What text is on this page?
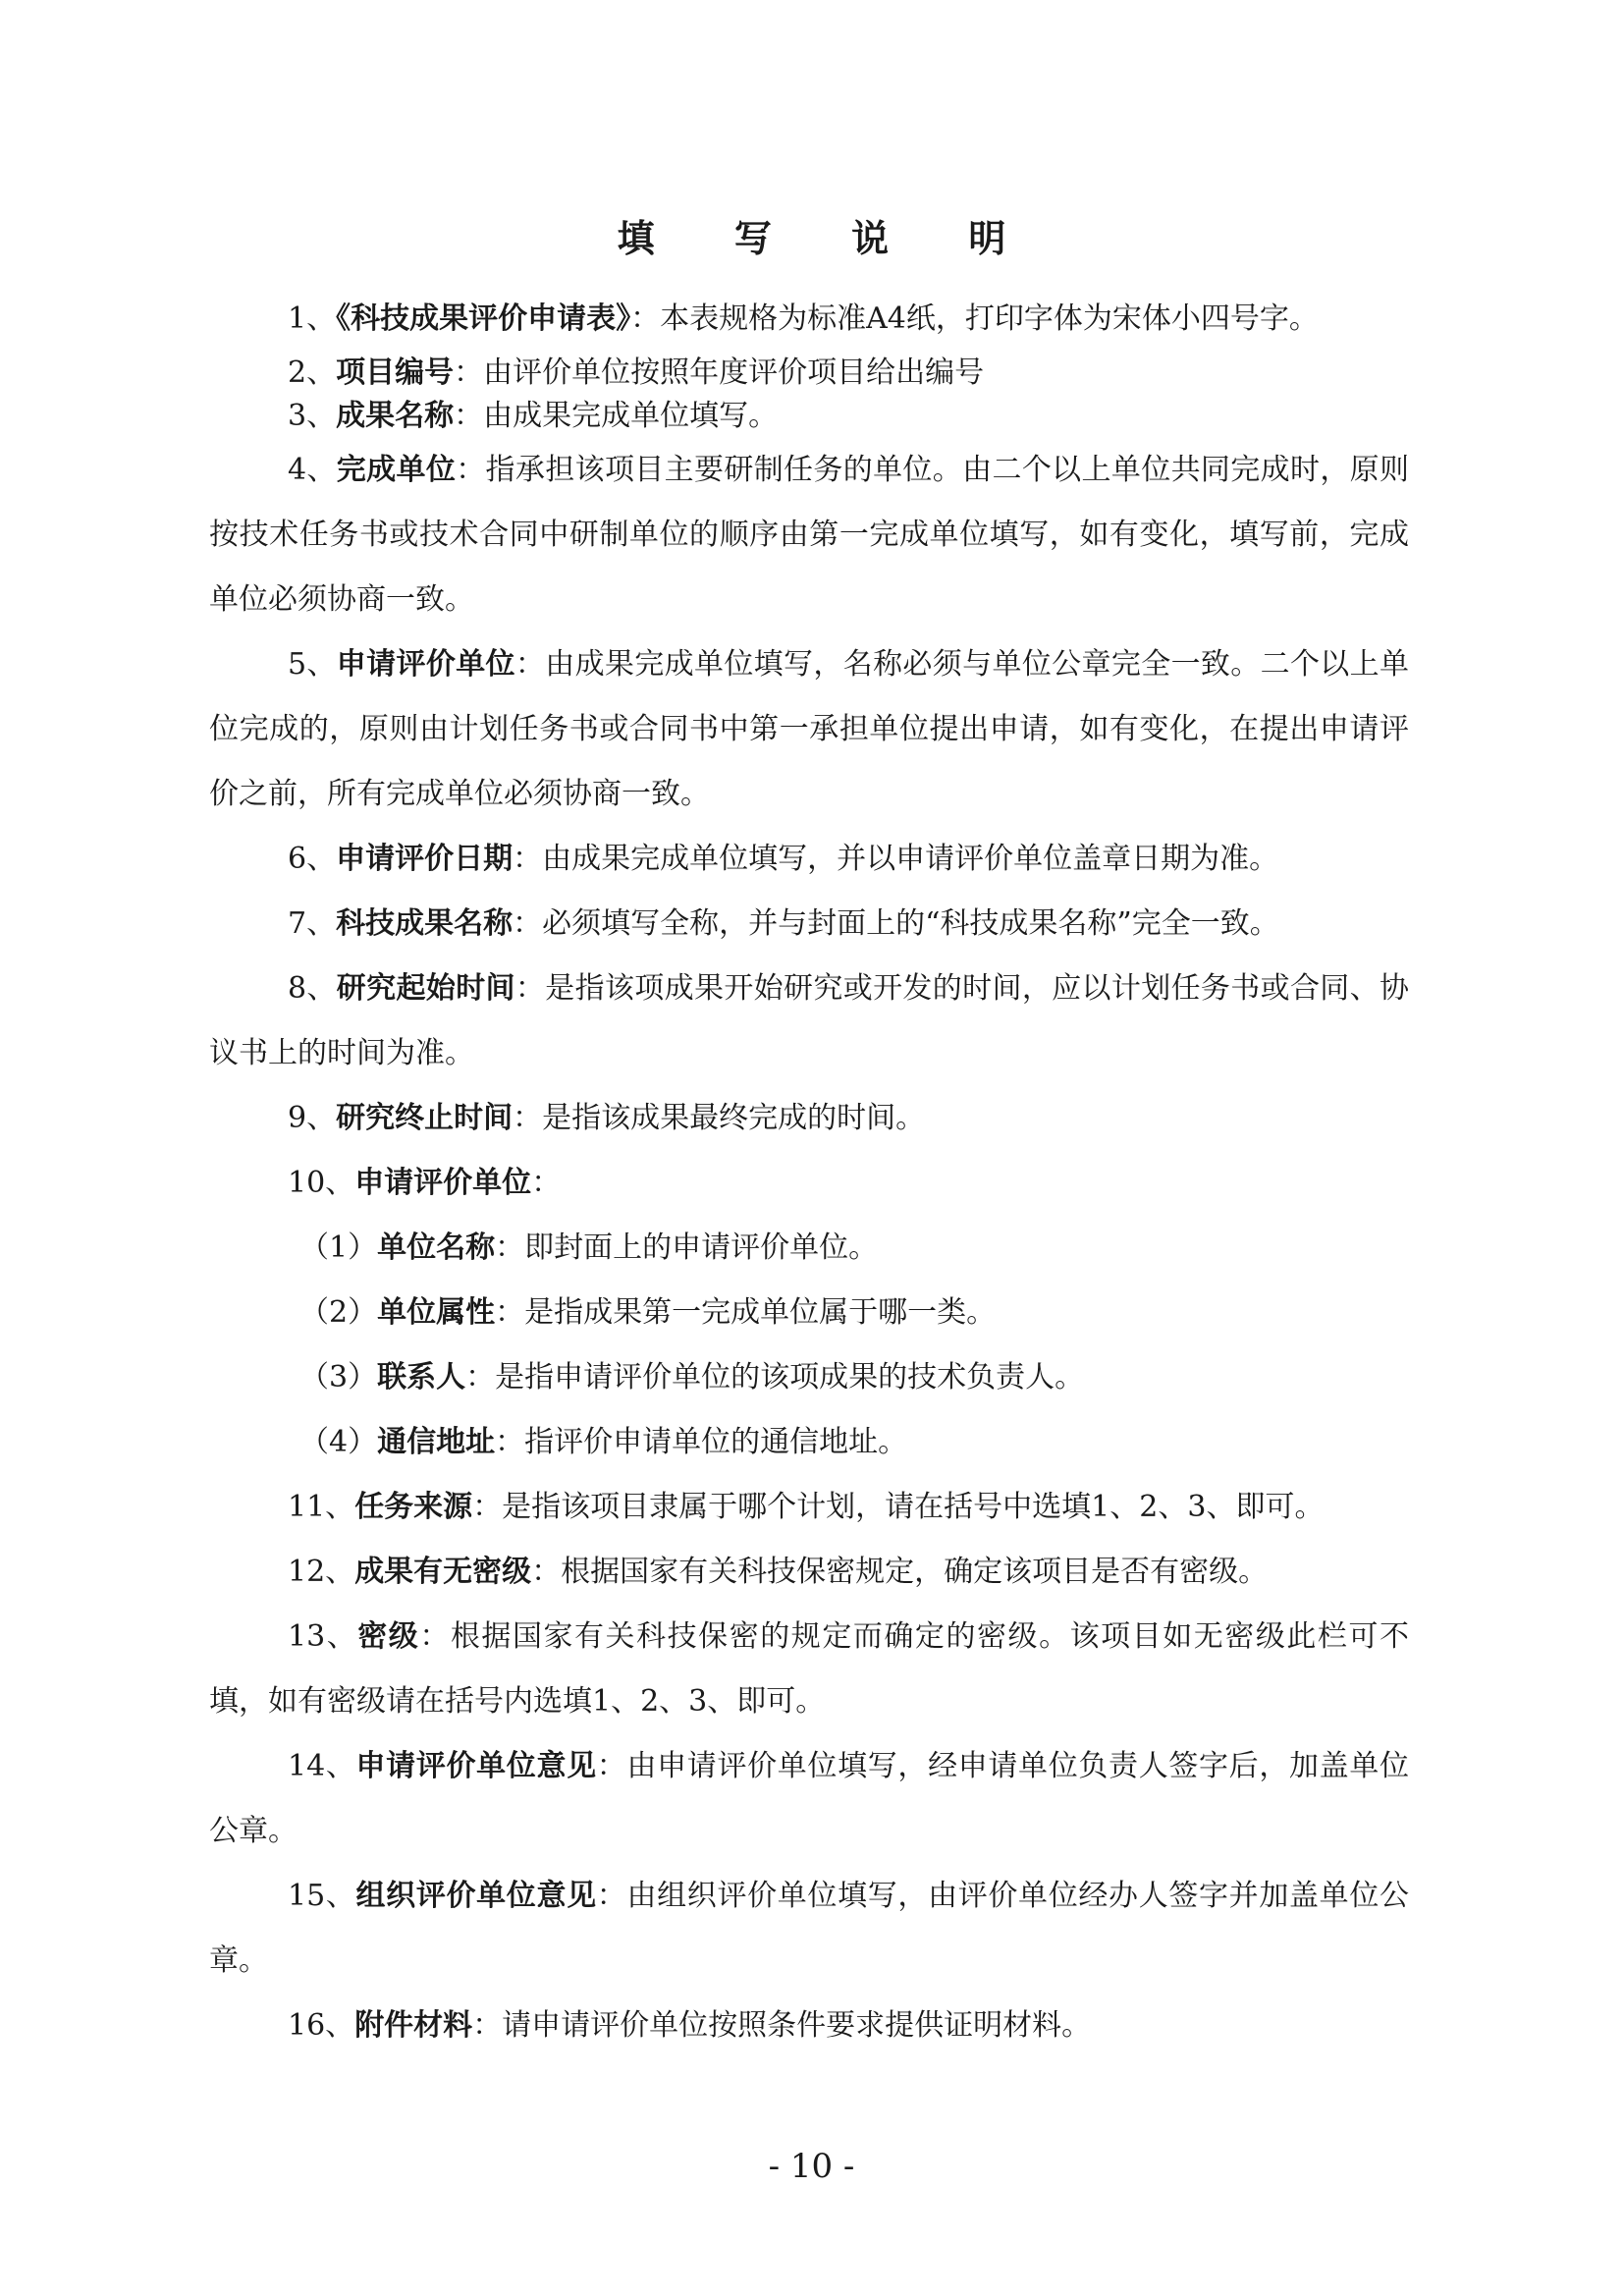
填 写 说 明

1、《科技成果评价申请表》：本表规格为标准A4纸，打印字体为宋体小四号字。

2、项目编号：由评价单位按照年度评价项目给出编号

3、成果名称：由成果完成单位填写。

4、完成单位：指承担该项目主要研制任务的单位。由二个以上单位共同完成时，原则按技术任务书或技术合同中研制单位的顺序由第一完成单位填写，如有变化，填写前，完成单位必须协商一致。

5、申请评价单位：由成果完成单位填写，名称必须与单位公章完全一致。二个以上单位完成的，原则由计划任务书或合同书中第一承担单位提出申请，如有变化，在提出申请评价之前，所有完成单位必须协商一致。

6、申请评价日期：由成果完成单位填写，并以申请评价单位盖章日期为准。

7、科技成果名称：必须填写全称，并与封面上的“科技成果名称”完全一致。

8、研究起始时间：是指该项成果开始研究或开发的时间，应以计划任务书或合同、协议书上的时间为准。

9、研究终止时间：是指该成果最终完成的时间。

10、申请评价单位：

（1）单位名称：即封面上的申请评价单位。

（2）单位属性：是指成果第一完成单位属于哪一类。

（3）联系人：是指申请评价单位的该项成果的技术负责人。

（4）通信地址：指评价申请单位的通信地址。

11、任务来源：是指该项目隶属于哪个计划，请在括号中选填1、2、3、即可。

12、成果有无密级：根据国家有关科技保密规定，确定该项目是否有密级。

13、密级：根据国家有关科技保密的规定而确定的密级。该项目如无密级此栏可不填，如有密级请在括号内选填1、2、3、即可。

14、申请评价单位意见：由申请评价单位填写，经申请单位负责人签字后，加盖单位公章。

15、组织评价单位意见：由组织评价单位填写，由评价单位经办人签字并加盖单位公章。

16、附件材料：请申请评价单位按照条件要求提供证明材料。

- 10 -
